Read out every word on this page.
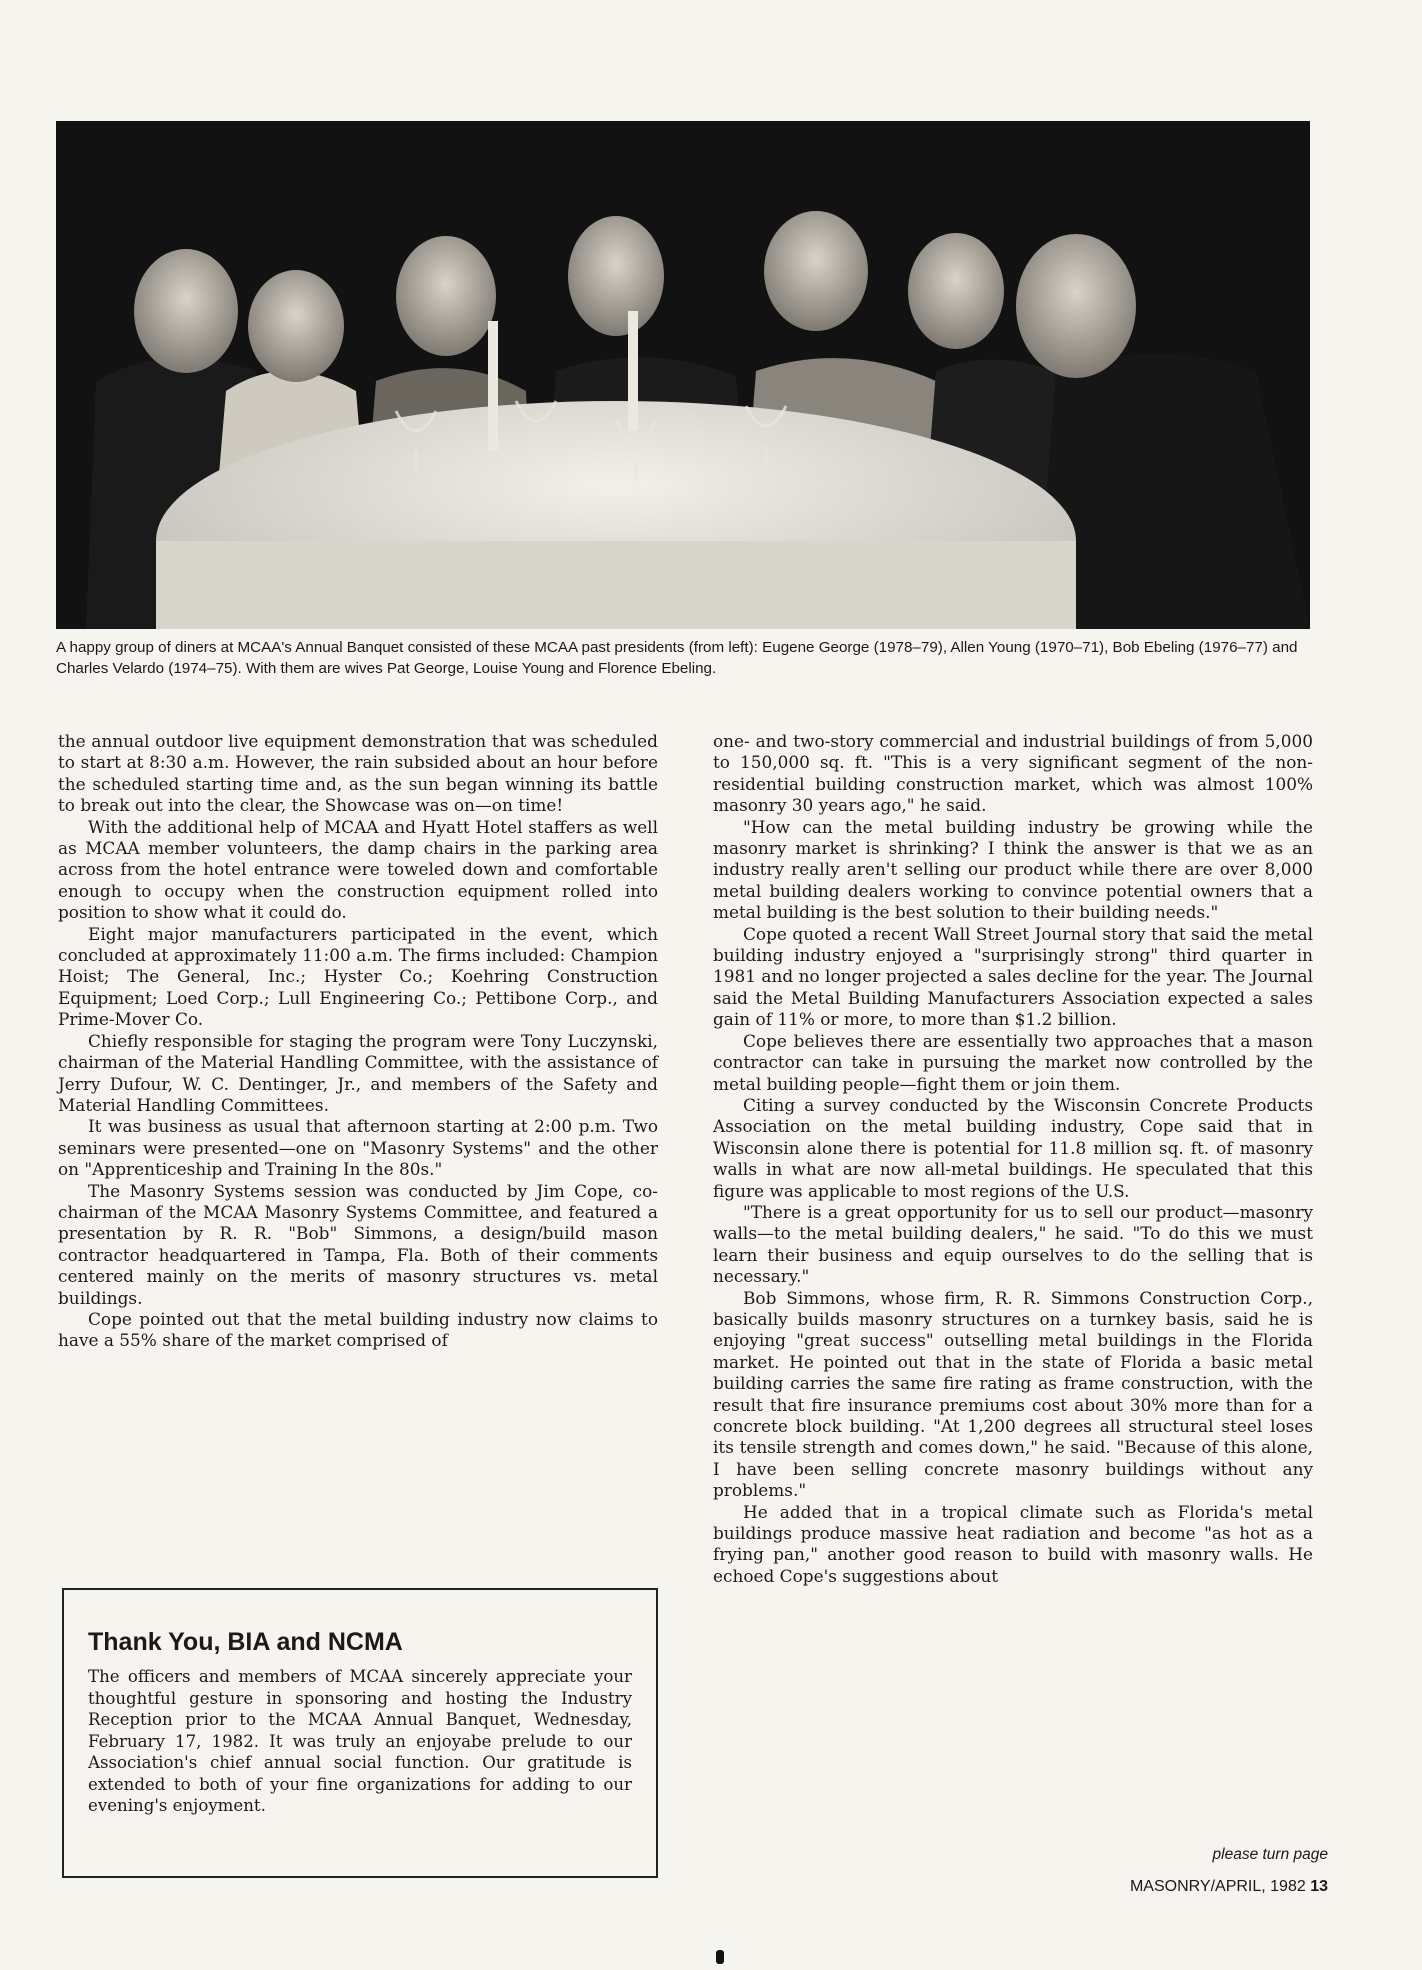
A happy group of diners at MCAA's Annual Banquet consisted of these MCAA past presidents (from left): Eugene George (1978–79), Allen Young (1970–71), Bob Ebeling (1976–77) and Charles Velardo (1974–75). With them are wives Pat George, Louise Young and Florence Ebeling.

the annual outdoor live equipment demonstration that was scheduled to start at 8:30 a.m. However, the rain subsided about an hour before the scheduled starting time and, as the sun began winning its battle to break out into the clear, the Showcase was on—on time!

With the additional help of MCAA and Hyatt Hotel staffers as well as MCAA member volunteers, the damp chairs in the parking area across from the hotel entrance were toweled down and comfortable enough to occupy when the construction equipment rolled into position to show what it could do.

Eight major manufacturers participated in the event, which concluded at approximately 11:00 a.m. The firms included: Champion Hoist; The General, Inc.; Hyster Co.; Koehring Construction Equipment; Loed Corp.; Lull Engineering Co.; Pettibone Corp., and Prime-Mover Co.

Chiefly responsible for staging the program were Tony Luczynski, chairman of the Material Handling Committee, with the assistance of Jerry Dufour, W. C. Dentinger, Jr., and members of the Safety and Material Handling Committees.

It was business as usual that afternoon starting at 2:00 p.m. Two seminars were presented—one on "Masonry Systems" and the other on "Apprenticeship and Training In the 80s."

The Masonry Systems session was conducted by Jim Cope, co-chairman of the MCAA Masonry Systems Committee, and featured a presentation by R. R. "Bob" Simmons, a design/build mason contractor headquartered in Tampa, Fla. Both of their comments centered mainly on the merits of masonry structures vs. metal buildings.

Cope pointed out that the metal building industry now claims to have a 55% share of the market comprised of

Thank You, BIA and NCMA

The officers and members of MCAA sincerely appreciate your thoughtful gesture in sponsoring and hosting the Industry Reception prior to the MCAA Annual Banquet, Wednesday, February 17, 1982. It was truly an enjoyabe prelude to our Association's chief annual social function. Our gratitude is extended to both of your fine organizations for adding to our evening's enjoyment.

one- and two-story commercial and industrial buildings of from 5,000 to 150,000 sq. ft. "This is a very significant segment of the non-residential building construction market, which was almost 100% masonry 30 years ago," he said.

"How can the metal building industry be growing while the masonry market is shrinking? I think the answer is that we as an industry really aren't selling our product while there are over 8,000 metal building dealers working to convince potential owners that a metal building is the best solution to their building needs."

Cope quoted a recent Wall Street Journal story that said the metal building industry enjoyed a "surprisingly strong" third quarter in 1981 and no longer projected a sales decline for the year. The Journal said the Metal Building Manufacturers Association expected a sales gain of 11% or more, to more than $1.2 billion.

Cope believes there are essentially two approaches that a mason contractor can take in pursuing the market now controlled by the metal building people—fight them or join them.

Citing a survey conducted by the Wisconsin Concrete Products Association on the metal building industry, Cope said that in Wisconsin alone there is potential for 11.8 million sq. ft. of masonry walls in what are now all-metal buildings. He speculated that this figure was applicable to most regions of the U.S.

"There is a great opportunity for us to sell our product—masonry walls—to the metal building dealers," he said. "To do this we must learn their business and equip ourselves to do the selling that is necessary."

Bob Simmons, whose firm, R. R. Simmons Construction Corp., basically builds masonry structures on a turnkey basis, said he is enjoying "great success" outselling metal buildings in the Florida market. He pointed out that in the state of Florida a basic metal building carries the same fire rating as frame construction, with the result that fire insurance premiums cost about 30% more than for a concrete block building. "At 1,200 degrees all structural steel loses its tensile strength and comes down," he said. "Because of this alone, I have been selling concrete masonry buildings without any problems."

He added that in a tropical climate such as Florida's metal buildings produce massive heat radiation and become "as hot as a frying pan," another good reason to build with masonry walls. He echoed Cope's suggestions about

please turn page
MASONRY/APRIL, 1982 13
